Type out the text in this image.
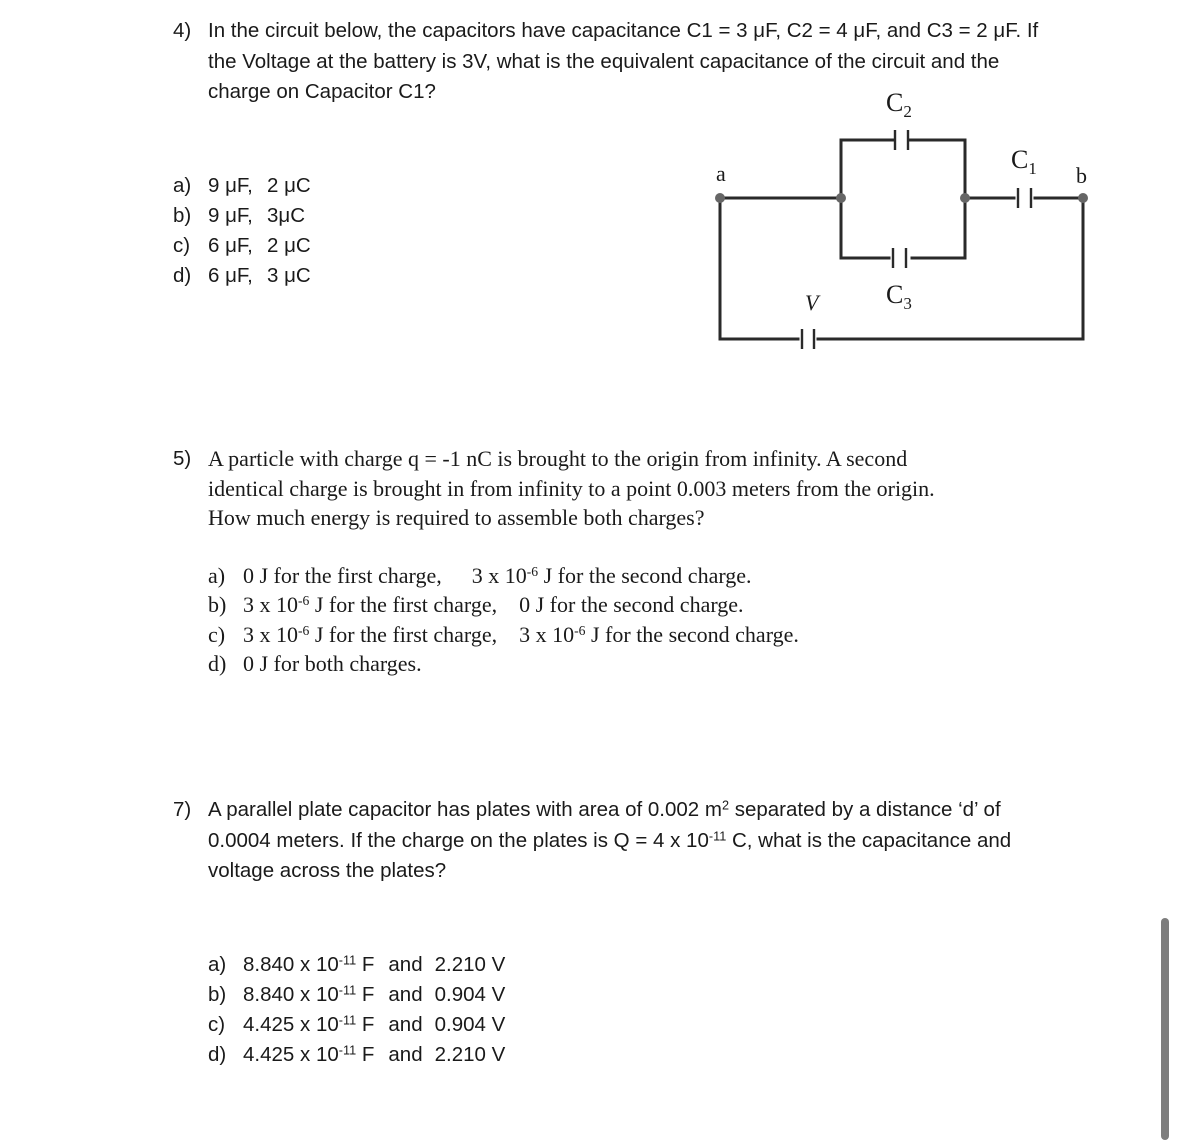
4) In the circuit below, the capacitors have capacitance C1 = 3 μF, C2 = 4 μF, and C3 = 2 μF. If
the Voltage at the battery is 3V, what is the equivalent capacitance of the circuit and the
charge on Capacitor C1?
a) 9 μF, 2 μC
b) 9 μF, 3μC
c) 6 μF, 2 μC
d) 6 μF, 3 μC
$C_2$
$C_1$
$C_3$
a	b
V
5) A particle with charge q = -1 nC is brought to the origin from infinity. A second
identical charge is brought in from infinity to a point 0.003 meters from the origin.
How much energy is required to assemble both charges?
a) 0 J for the first charge, 3 x $10^{-6}$ J for the second charge.
b) 3 x $10^{-6}$ J for the first charge, 0 J for the second charge.
c) 3 x $10^{-6}$ J for the first charge, 3 x $10^{-6}$ J for the second charge.
d) 0 J for both charges.
7) A parallel plate capacitor has plates with area of 0.002 $m^2$ separated by a distance ‘d’ of
0.0004 meters. If the charge on the plates is Q = 4 x $10^{-11}$ C, what is the capacitance and
voltage across the plates?
a) 8.840 x $10^{-11}$ F and 2.210 V
b) 8.840 x $10^{-11}$ F and 0.904 V
c) 4.425 x $10^{-11}$ F and 0.904 V
d) 4.425 x $10^{-11}$ F and 2.210 V
